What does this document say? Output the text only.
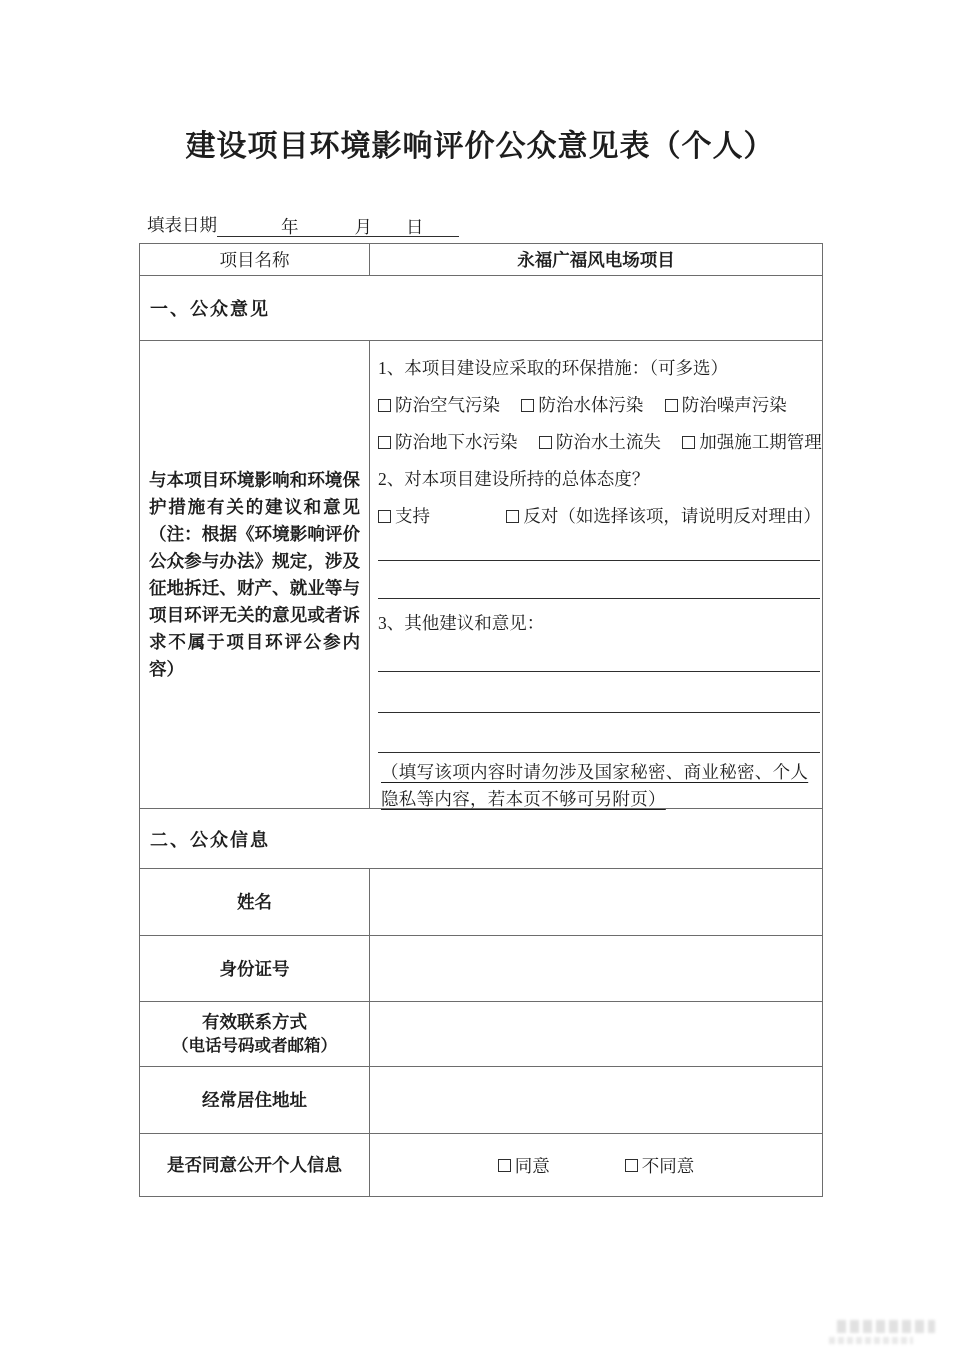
建设项目环境影响评价公众意见表（个人）
填表日期	年	月 日
项目名称	永福广福风电场项目
一、公众意见
与本项目环境影响和环境保护措施有关的建议和意见（注：根据《环境影响评价公众参与办法》规定，涉及征地拆迁、财产、就业等与项目环评无关的意见或者诉求不属于项目环评公参内容）
1、本项目建设应采取的环保措施：（可多选）
防治空气污染
防治水体污染
防治噪声污染
防治地下水污染
防治水土流失
加强施工期管理
2、对本项目建设所持的总体态度？
支持
	反对（如选择该项，请说明反对理由）
3、其他建议和意见：
（填写该项内容时请勿涉及国家秘密、商业秘密、个人隐私等内容，若本页不够可另附页）
二、公众信息
姓名
身份证号
有效联系方式
（电话号码或者邮箱）
经常居住地址
是否同意公开个人信息	同意	不同意
